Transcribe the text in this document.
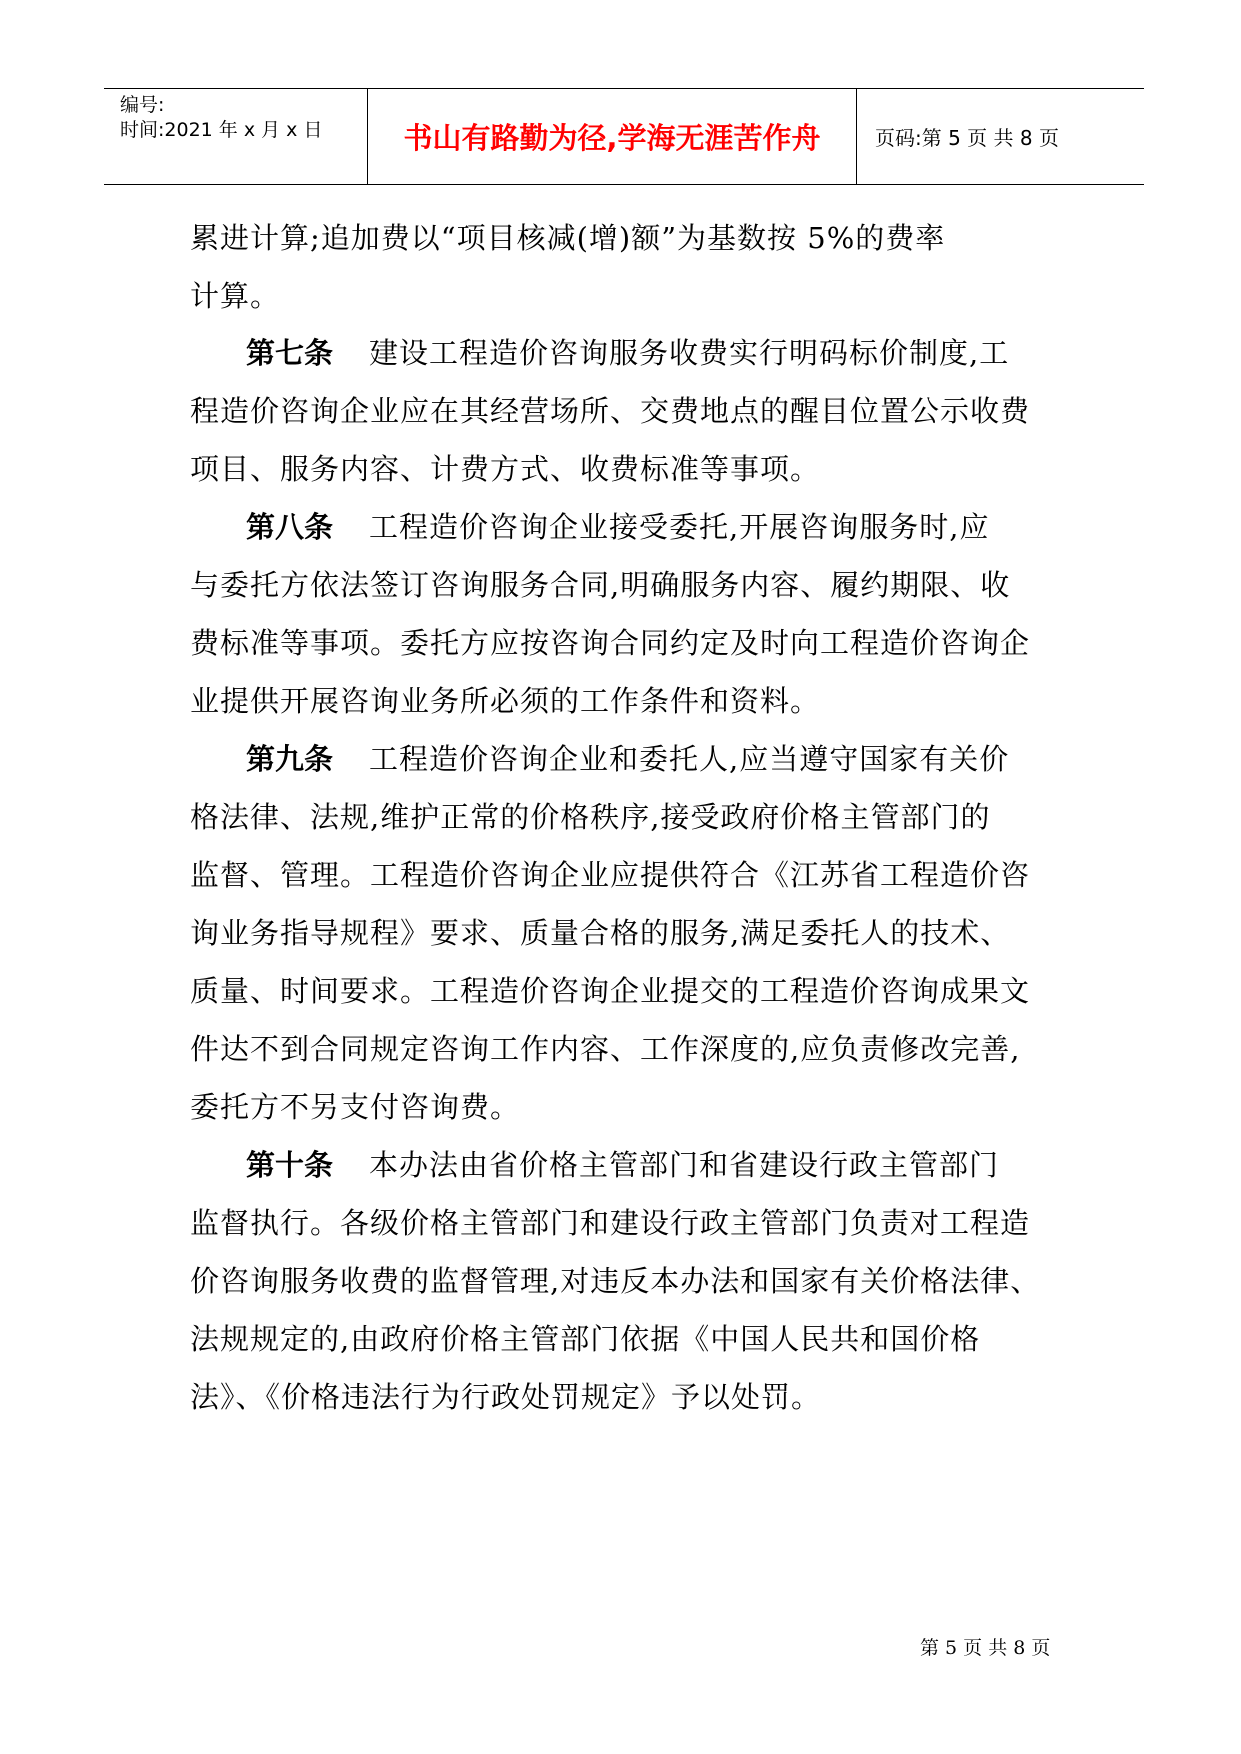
编号:
时间:2021 年 x 月 x 日	书山有路勤为径,学海无涯苦作舟	页码:第 5 页 共 8 页
累进计算;追加费以“项目核减(增)额”为基数按 5%的费率
计算。
第七条 建设工程造价咨询服务收费实行明码标价制度,工
程造价咨询企业应在其经营场所、交费地点的醒目位置公示收费
项目、服务内容、计费方式、收费标准等事项。
第八条 工程造价咨询企业接受委托,开展咨询服务时,应
与委托方依法签订咨询服务合同,明确服务内容、履约期限、收
费标准等事项。委托方应按咨询合同约定及时向工程造价咨询企
业提供开展咨询业务所必须的工作条件和资料。
第九条 工程造价咨询企业和委托人,应当遵守国家有关价
格法律、法规,维护正常的价格秩序,接受政府价格主管部门的
监督、管理。工程造价咨询企业应提供符合《江苏省工程造价咨
询业务指导规程》要求、质量合格的服务,满足委托人的技术、
质量、时间要求。工程造价咨询企业提交的工程造价咨询成果文
件达不到合同规定咨询工作内容、工作深度的,应负责修改完善,
委托方不另支付咨询费。
第十条 本办法由省价格主管部门和省建设行政主管部门
监督执行。各级价格主管部门和建设行政主管部门负责对工程造
价咨询服务收费的监督管理,对违反本办法和国家有关价格法律、
法规规定的,由政府价格主管部门依据《中国人民共和国价格
法》、《价格违法行为行政处罚规定》予以处罚。
第 5 页 共 8 页
